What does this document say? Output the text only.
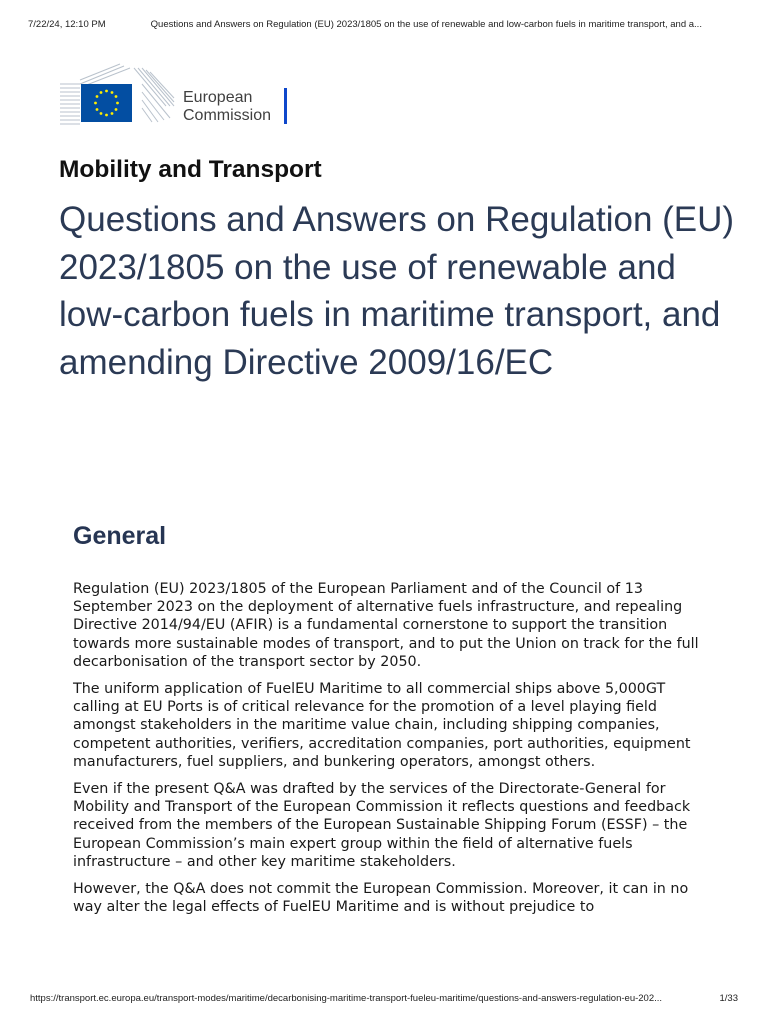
7/22/24, 12:10 PM	Questions and Answers on Regulation (EU) 2023/1805 on the use of renewable and low-carbon fuels in maritime transport, and a...
European
Commission
Mobility and Transport
Questions and Answers on Regulation (EU) 2023/1805 on the use of renewable and low-carbon fuels in maritime transport, and amending Directive 2009/16/EC
General

Regulation (EU) 2023/1805 of the European Parliament and of the Council of 13 September 2023 on the deployment of alternative fuels infrastructure, and repealing Directive 2014/94/EU (AFIR) is a fundamental cornerstone to support the transition towards more sustainable modes of transport, and to put the Union on track for the full decarbonisation of the transport sector by 2050.

The uniform application of FuelEU Maritime to all commercial ships above 5,000GT calling at EU Ports is of critical relevance for the promotion of a level playing field amongst stakeholders in the maritime value chain, including shipping companies, competent authorities, verifiers, accreditation companies, port authorities, equipment manufacturers, fuel suppliers, and bunkering operators, amongst others.

Even if the present Q&A was drafted by the services of the Directorate-General for Mobility and Transport of the European Commission it reflects questions and feedback received from the members of the European Sustainable Shipping Forum (ESSF) – the European Commission’s main expert group within the field of alternative fuels infrastructure – and other key maritime stakeholders.

However, the Q&A does not commit the European Commission. Moreover, it can in no way alter the legal effects of FuelEU Maritime and is without prejudice to

https://transport.ec.europa.eu/transport-modes/maritime/decarbonising-maritime-transport-fueleu-maritime/questions-and-answers-regulation-eu-202...	1/33
